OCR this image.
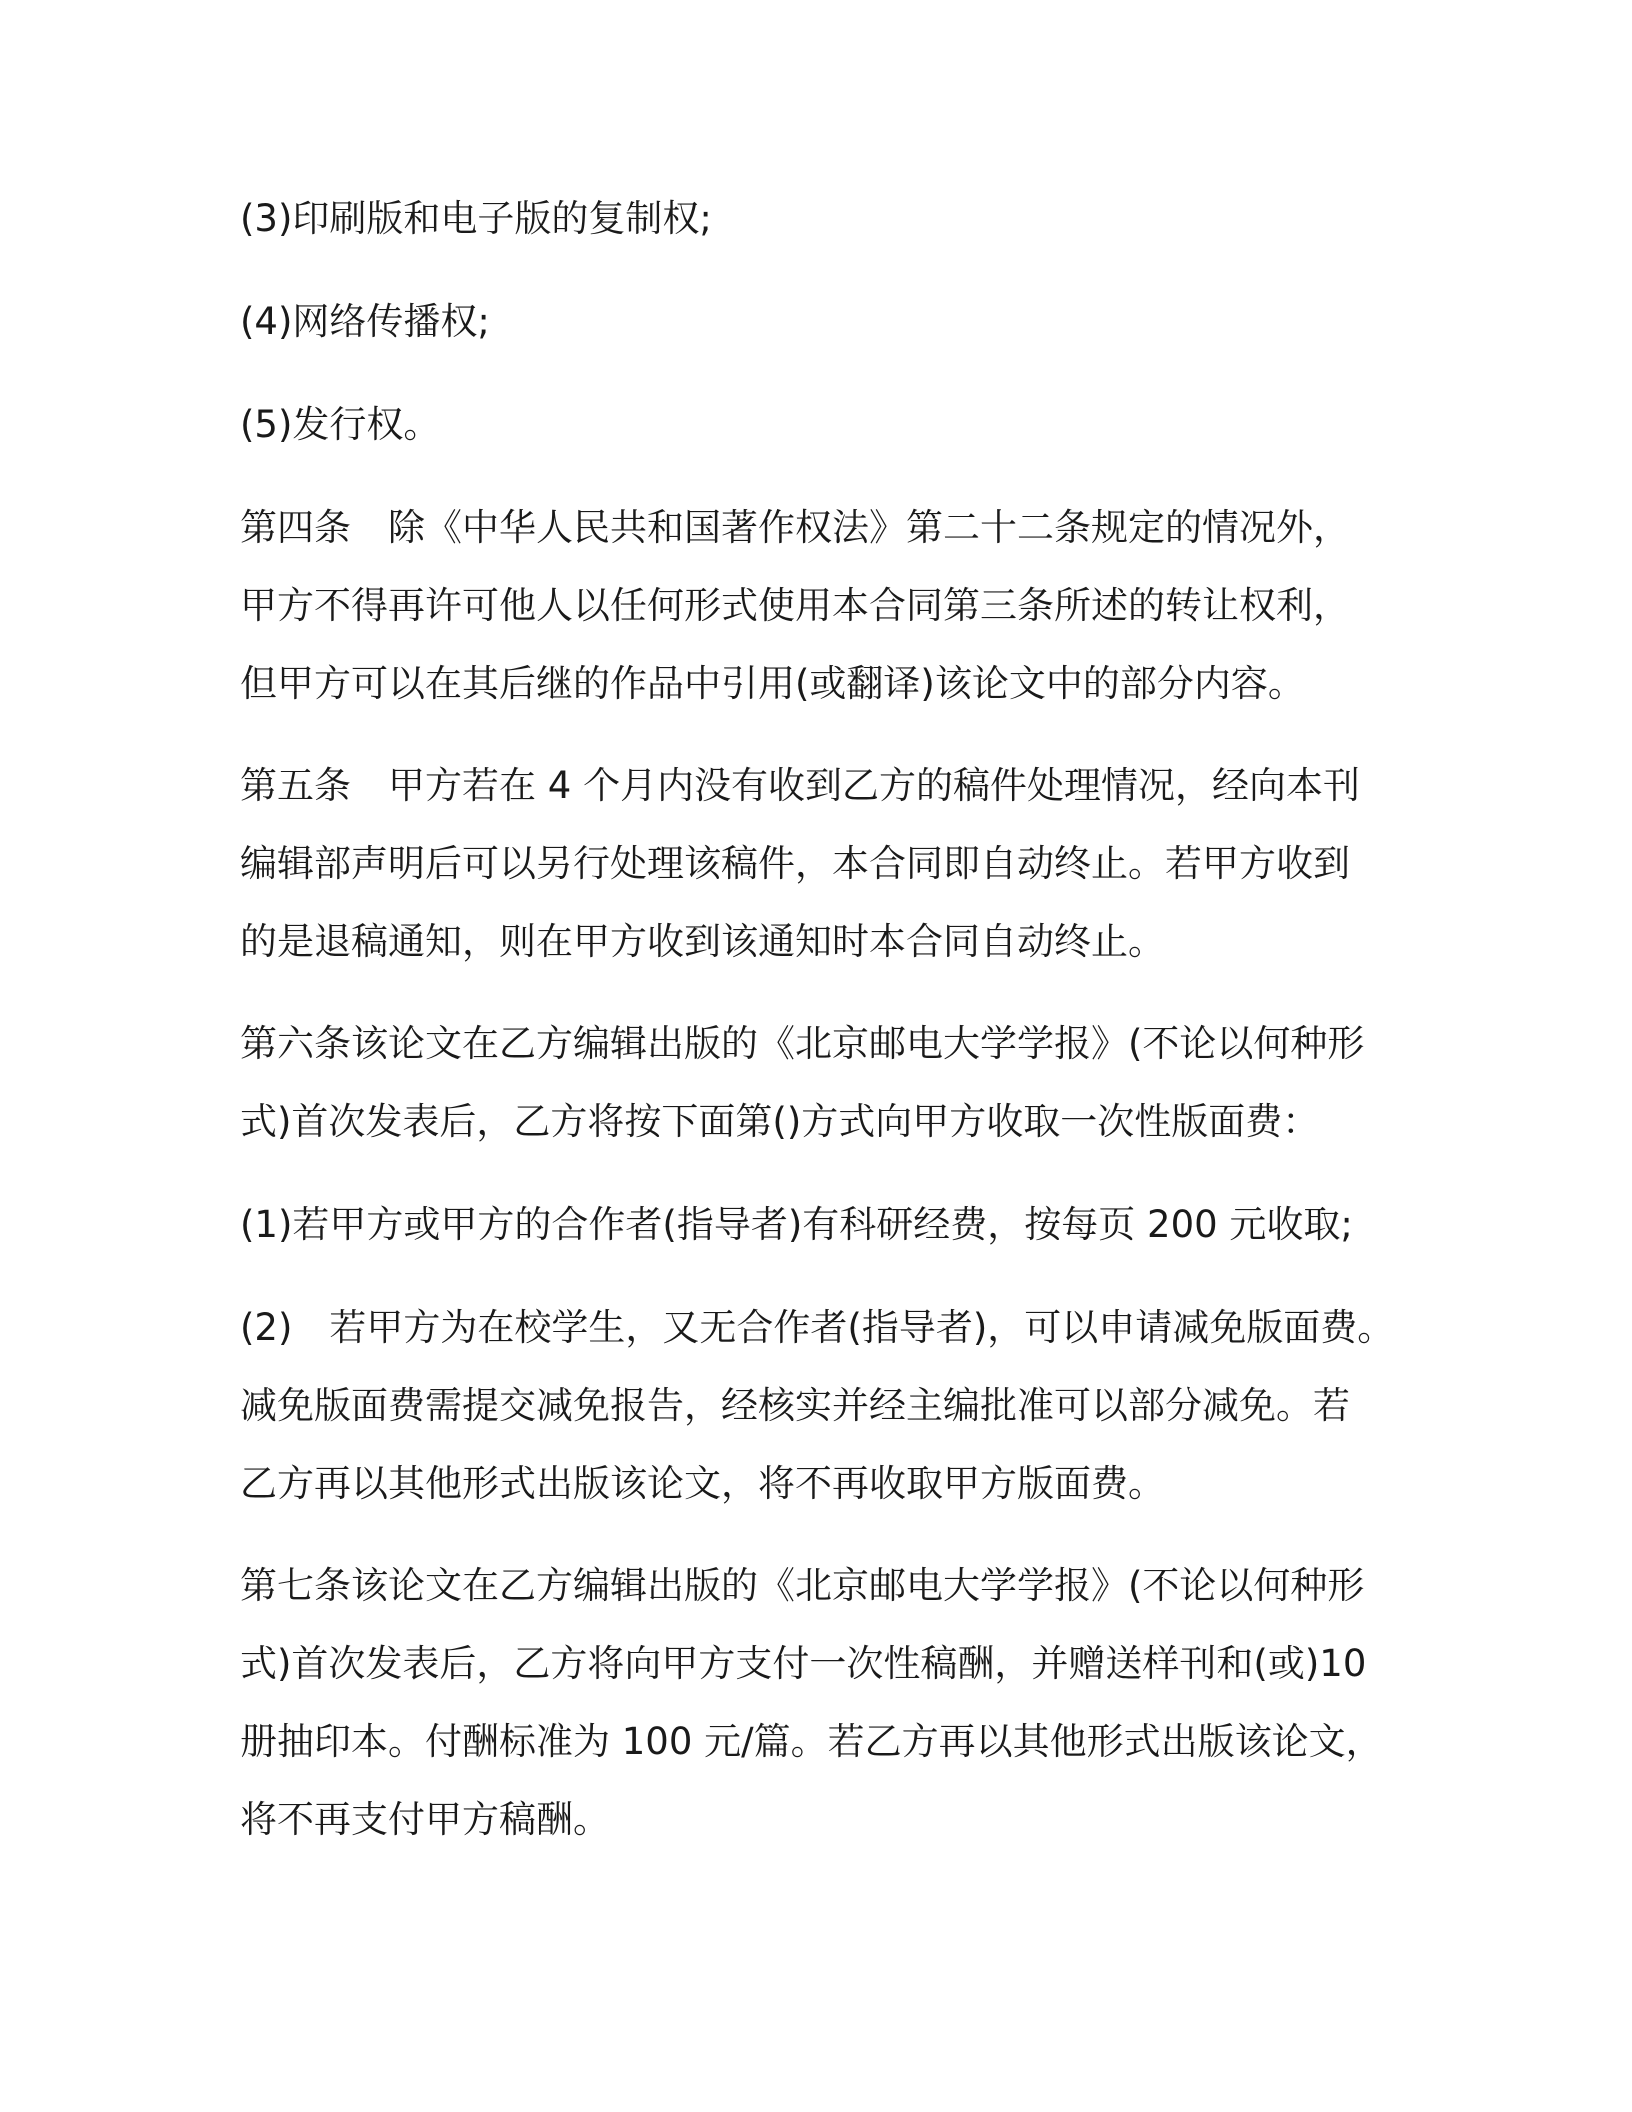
(3)印刷版和电子版的复制权;
(4)网络传播权;
(5)发行权。
第四条　除《中华人民共和国著作权法》第二十二条规定的情况外，
甲方不得再许可他人以任何形式使用本合同第三条所述的转让权利，
但甲方可以在其后继的作品中引用(或翻译)该论文中的部分内容。
第五条　甲方若在 4 个月内没有收到乙方的稿件处理情况，经向本刊
编辑部声明后可以另行处理该稿件，本合同即自动终止。若甲方收到
的是退稿通知，则在甲方收到该通知时本合同自动终止。
第六条该论文在乙方编辑出版的《北京邮电大学学报》(不论以何种形
式)首次发表后，乙方将按下面第()方式向甲方收取一次性版面费：
(1)若甲方或甲方的合作者(指导者)有科研经费，按每页 200 元收取;
(2)　若甲方为在校学生，又无合作者(指导者)，可以申请减免版面费。
减免版面费需提交减免报告，经核实并经主编批准可以部分减免。若
乙方再以其他形式出版该论文，将不再收取甲方版面费。
第七条该论文在乙方编辑出版的《北京邮电大学学报》(不论以何种形
式)首次发表后，乙方将向甲方支付一次性稿酬，并赠送样刊和(或)10
册抽印本。付酬标准为 100 元/篇。若乙方再以其他形式出版该论文，
将不再支付甲方稿酬。
